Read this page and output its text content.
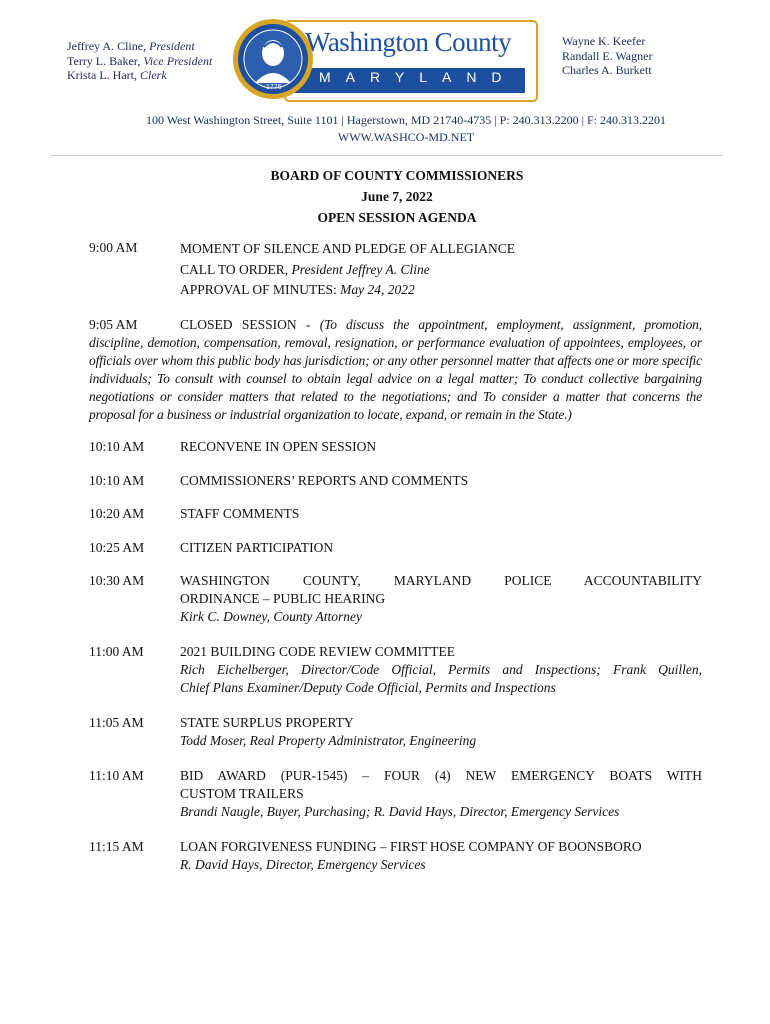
Jeffrey A. Cline, President
Terry L. Baker, Vice President
Krista L. Hart, Clerk
Washington County
MARYLAND
1776
Wayne K. Keefer
Randall E. Wagner
Charles A. Burkett
100 West Washington Street, Suite 1101 | Hagerstown, MD 21740-4735 | P: 240.313.2200 | F: 240.313.2201
WWW.WASHCO-MD.NET
BOARD OF COUNTY COMMISSIONERS
June 7, 2022
OPEN SESSION AGENDA
9:00 AM	MOMENT OF SILENCE AND PLEDGE OF ALLEGIANCE
CALL TO ORDER, President Jeffrey A. Cline
APPROVAL OF MINUTES: May 24, 2022
9:05 AM	CLOSED SESSION - (To discuss the appointment, employment, assignment, promotion, discipline, demotion, compensation, removal, resignation, or performance evaluation of appointees, employees, or officials over whom this public body has jurisdiction; or any other personnel matter that affects one or more specific individuals; To consult with counsel to obtain legal advice on a legal matter; To conduct collective bargaining negotiations or consider matters that related to the negotiations; and To consider a matter that concerns the proposal for a business or industrial organization to locate, expand, or remain in the State.)
10:10 AM	RECONVENE IN OPEN SESSION
10:10 AM	COMMISSIONERS’ REPORTS AND COMMENTS
10:20 AM	STAFF COMMENTS
10:25 AM	CITIZEN PARTICIPATION
10:30 AM	WASHINGTON COUNTY, MARYLAND POLICE ACCOUNTABILITY
ORDINANCE – PUBLIC HEARING
Kirk C. Downey, County Attorney
11:00 AM	2021 BUILDING CODE REVIEW COMMITTEE
Rich Eichelberger, Director/Code Official, Permits and Inspections; Frank Quillen,
Chief Plans Examiner/Deputy Code Official, Permits and Inspections
11:05 AM	STATE SURPLUS PROPERTY
Todd Moser, Real Property Administrator, Engineering
11:10 AM	BID AWARD (PUR-1545) – FOUR (4) NEW EMERGENCY BOATS WITH
CUSTOM TRAILERS
Brandi Naugle, Buyer, Purchasing; R. David Hays, Director, Emergency Services
11:15 AM	LOAN FORGIVENESS FUNDING – FIRST HOSE COMPANY OF BOONSBORO
R. David Hays, Director, Emergency Services
